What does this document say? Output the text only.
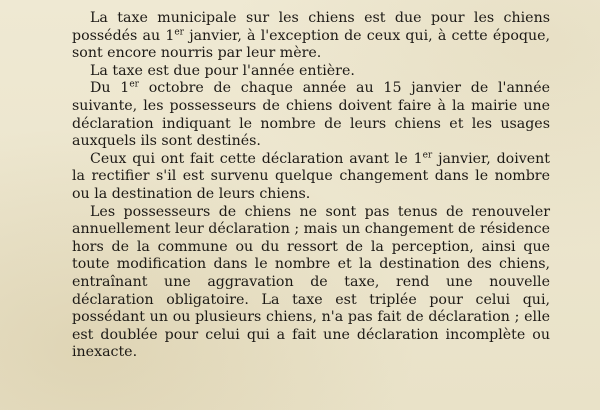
La taxe municipale sur les chiens est due pour les chiens possédés au 1er janvier, à l'exception de ceux qui, à cette époque, sont encore nourris par leur mère.

La taxe est due pour l'année entière.

Du 1er octobre de chaque année au 15 janvier de l'année suivante, les possesseurs de chiens doivent faire à la mairie une déclaration indiquant le nombre de leurs chiens et les usages auxquels ils sont destinés.

Ceux qui ont fait cette déclaration avant le 1er janvier, doivent la rectifier s'il est survenu quelque changement dans le nombre ou la destination de leurs chiens.

Les possesseurs de chiens ne sont pas tenus de renouveler annuellement leur déclaration ; mais un changement de résidence hors de la commune ou du ressort de la perception, ainsi que toute modification dans le nombre et la destination des chiens, entraînant une aggravation de taxe, rend une nouvelle déclaration obligatoire. La taxe est triplée pour celui qui, possédant un ou plusieurs chiens, n'a pas fait de déclaration ; elle est doublée pour celui qui a fait une déclaration incomplète ou inexacte.
